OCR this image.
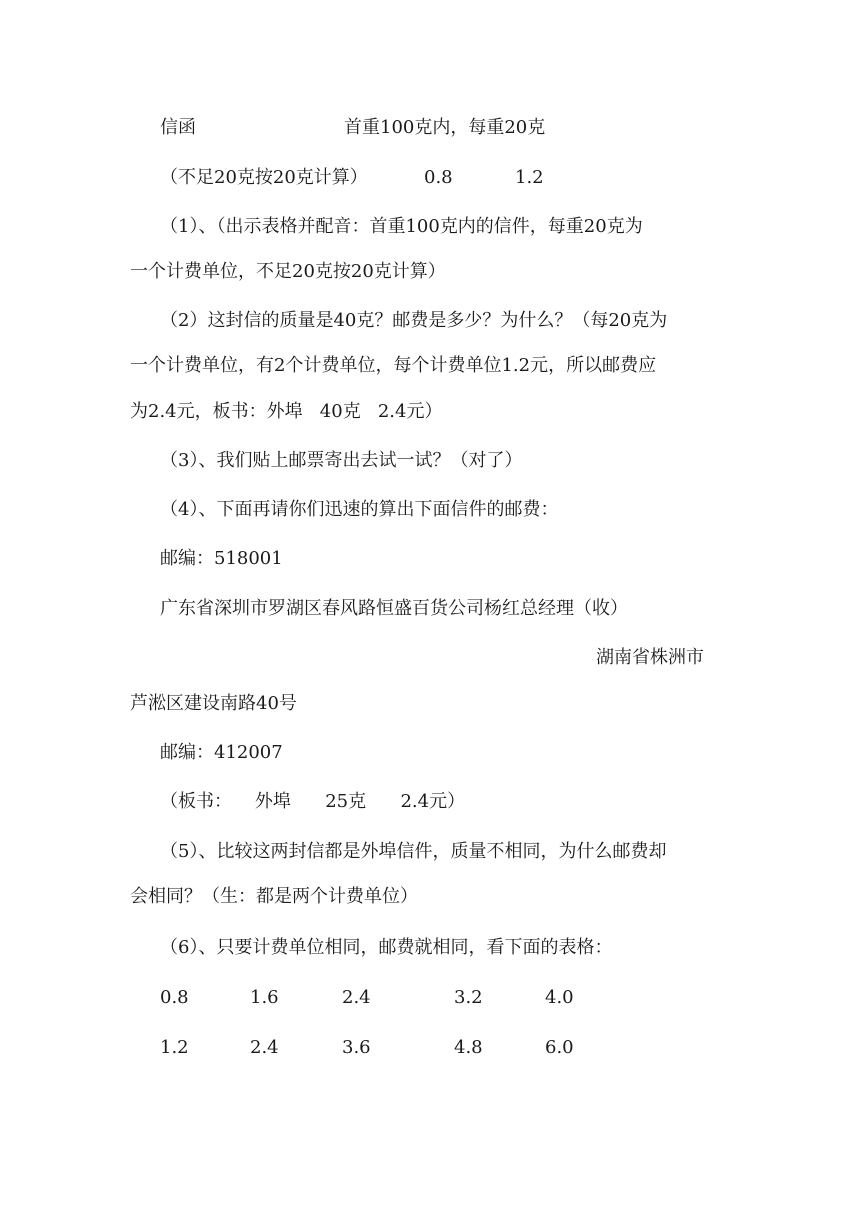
信函	首重100克内，每重20克
（不足20克按20克计算）	0.8	1.2
（1）、（出示表格并配音：首重100克内的信件，每重20克为
一个计费单位，不足20克按20克计算）
（2）这封信的质量是40克？邮费是多少？为什么？（每20克为
一个计费单位，有2个计费单位，每个计费单位1.2元，所以邮费应
为2.4元，板书：外埠   40克   2.4元）
（3）、我们贴上邮票寄出去试一试？（对了）
（4）、下面再请你们迅速的算出下面信件的邮费：
邮编：518001
广东省深圳市罗湖区春风路恒盛百货公司杨红总经理（收）
湖南省株洲市
芦淞区建设南路40号
邮编：412007
（板书：    外埠      25克      2.4元）
（5）、比较这两封信都是外埠信件，质量不相同，为什么邮费却
会相同？（生：都是两个计费单位）
（6）、只要计费单位相同，邮费就相同，看下面的表格：
0.8	1.6	2.4	3.2	4.0
1.2	2.4	3.6	4.8	6.0
